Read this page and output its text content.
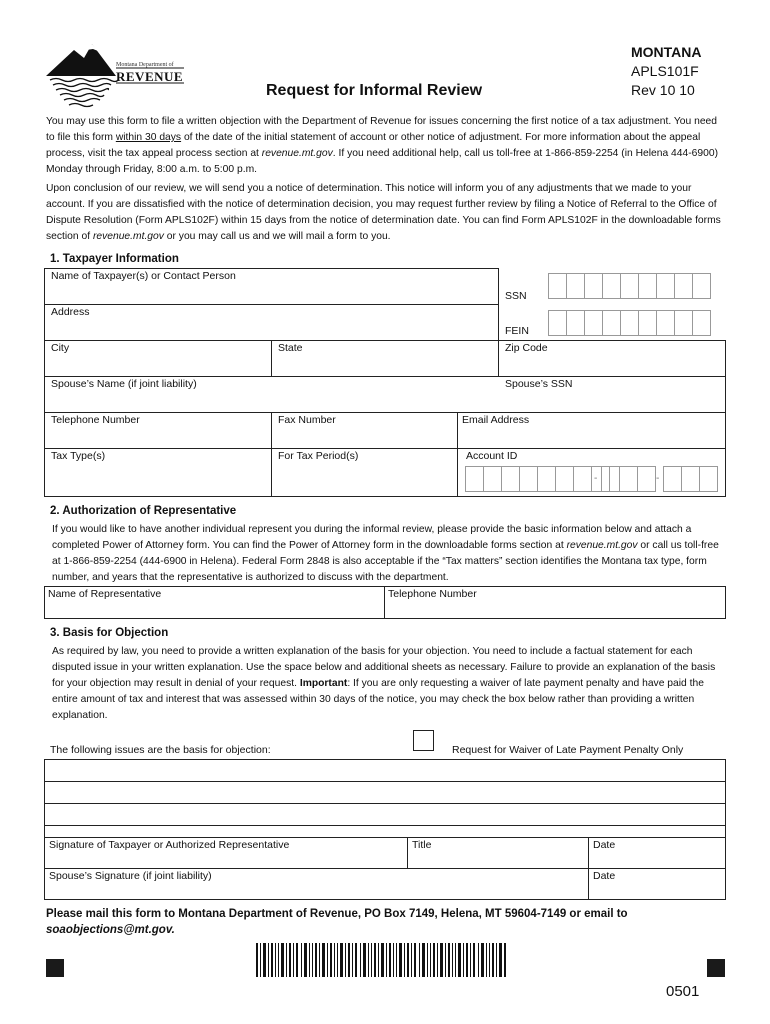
Montana Department of
REVENUE
Request for Informal Review
MONTANA
APLS101F
Rev 10 10

You may use this form to file a written objection with the Department of Revenue for issues concerning the first notice of a tax adjustment. You need to file this form within 30 days of the date of the initial statement of account or other notice of adjustment. For more information about the appeal process, visit the tax appeal process section at revenue.mt.gov. If you need additional help, call us toll-free at 1-866-859-2254 (in Helena 444-6900) Monday through Friday, 8:00 a.m. to 5:00 p.m.

Upon conclusion of our review, we will send you a notice of determination. This notice will inform you of any adjustments that we made to your account. If you are dissatisfied with the notice of determination decision, you may request further review by filing a Notice of Referral to the Office of Dispute Resolution (Form APLS102F) within 15 days from the notice of determination date. You can find Form APLS102F in the downloadable forms section of revenue.mt.gov or you may call us and we will mail a form to you.

1. Taxpayer Information
Name of Taxpayer(s) or Contact Person
SSN
Address
FEIN
City	State	Zip Code
Spouse’s Name (if joint liability)	Spouse’s SSN
Telephone Number	Fax Number	Email Address
Tax Type(s)	For Tax Period(s)	Account ID
-	-
2. Authorization of Representative

If you would like to have another individual represent you during the informal review, please provide the basic information below and attach a completed Power of Attorney form. You can find the Power of Attorney form in the downloadable forms section at revenue.mt.gov or call us toll-free at 1-866-859-2254 (444-6900 in Helena). Federal Form 2848 is also acceptable if the “Tax matters” section identifies the Montana tax type, form number, and years that the representative is authorized to discuss with the department.

Name of Representative	Telephone Number
3. Basis for Objection

As required by law, you need to provide a written explanation of the basis for your objection. You need to include a factual statement for each disputed issue in your written explanation. Use the space below and additional sheets as necessary. Failure to provide an explanation of the basis for your objection may result in denial of your request. Important: If you are only requesting a waiver of late payment penalty and have paid the entire amount of tax and interest that was assessed within 30 days of the notice, you may check the box below rather than providing a written explanation.

The following issues are the basis for objection:	Request for Waiver of Late Payment Penalty Only
Signature of Taxpayer or Authorized Representative	Title	Date
Spouse’s Signature (if joint liability)	Date

Please mail this form to Montana Department of Revenue, PO Box 7149, Helena, MT 59604-7149 or email to soaobjections@mt.gov.

0501
